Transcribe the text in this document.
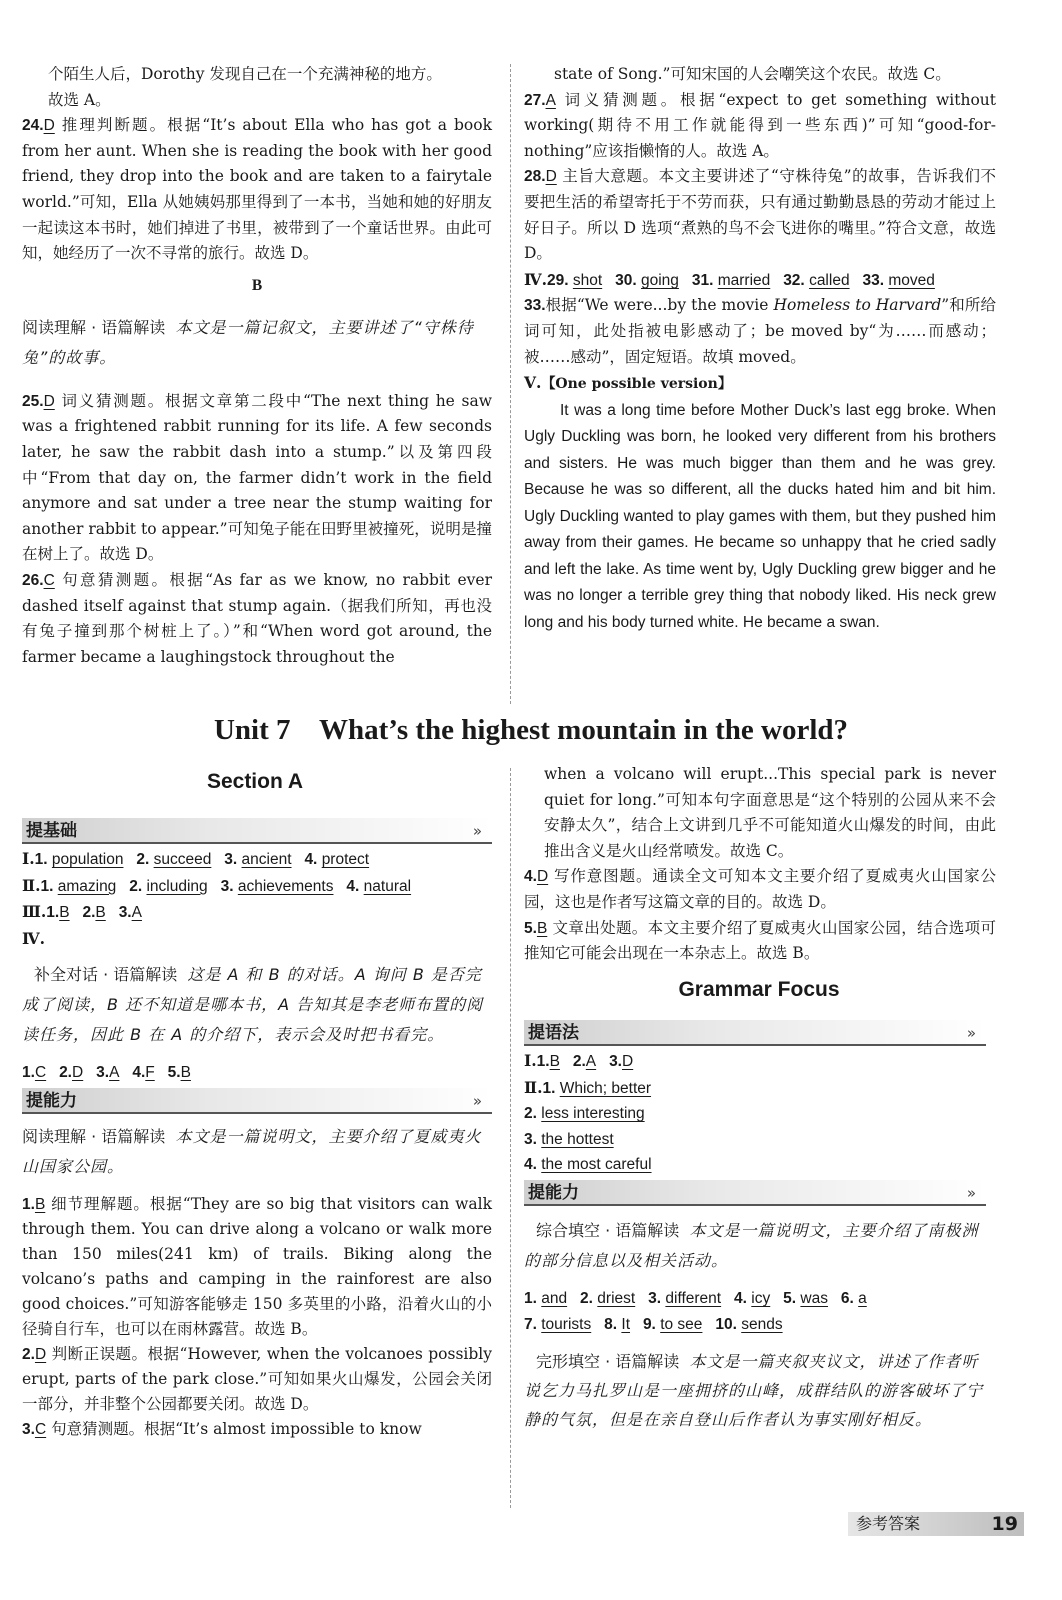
个陌生人后，Dorothy 发现自己在一个充满神秘的地方。
故选 A。
24.D 推理判断题。根据“It’s about Ella who has got a book from her aunt. When she is reading the book with her good friend, they drop into the book and are taken to a fairytale world.”可知，Ella 从她姨妈那里得到了一本书，当她和她的好朋友一起读这本书时，她们掉进了书里，被带到了一个童话世界。由此可知，她经历了一次不寻常的旅行。故选 D。
B
阅读理解 · 语篇解读 本文是一篇记叙文，主要讲述了“守株待兔”的故事。
25.D 词义猜测题。根据文章第二段中“The next thing he saw was a frightened rabbit running for its life. A few seconds later, he saw the rabbit dash into a stump.”以及第四段中“From that day on, the farmer didn’t work in the field anymore and sat under a tree near the stump waiting for another rabbit to appear.”可知兔子能在田野里被撞死，说明是撞在树上了。故选 D。
26.C 句意猜测题。根据“As far as we know, no rabbit ever dashed itself against that stump again.（据我们所知，再也没有兔子撞到那个树桩上了。）”和“When word got around, the farmer became a laughingstock throughout the
state of Song.”可知宋国的人会嘲笑这个农民。故选 C。
27.A 词义猜测题。根据“expect to get something without working(期待不用工作就能得到一些东西)”可知“good-for-nothing”应该指懒惰的人。故选 A。
28.D 主旨大意题。本文主要讲述了“守株待兔”的故事，告诉我们不要把生活的希望寄托于不劳而获，只有通过勤勤恳恳的劳动才能过上好日子。所以 D 选项“煮熟的鸟不会飞进你的嘴里。”符合文意，故选 D。
Ⅳ.29. shot 30. going 31. married 32. called 33. moved
33.根据“We were...by the movie Homeless to Harvard”和所给词可知，此处指被电影感动了；be moved by“为……而感动；被……感动”，固定短语。故填 moved。
Ⅴ.【One possible version】
It was a long time before Mother Duck’s last egg broke. When Ugly Duckling was born, he looked very different from his brothers and sisters. He was much bigger than them and he was grey. Because he was so different, all the ducks hated him and bit him. Ugly Duckling wanted to play games with them, but they pushed him away from their games. He became so unhappy that he cried sadly and left the lake. As time went by, Ugly Duckling grew bigger and he was no longer a terrible grey thing that nobody liked. His neck grew long and his body turned white. He became a swan.
Unit 7    What’s the highest mountain in the world?
Section A
提基础	»
Ⅰ.1. population 2. succeed 3. ancient 4. protect
Ⅱ.1. amazing 2. including 3. achievements 4. natural
Ⅲ.1.B 2.B 3.A
Ⅳ.
补全对话 · 语篇解读 这是 A 和 B 的对话。A 询问 B 是否完成了阅读，B 还不知道是哪本书，A 告知其是李老师布置的阅读任务，因此 B 在 A 的介绍下，表示会及时把书看完。
1.C 2.D 3.A 4.F 5.B
提能力	»
阅读理解 · 语篇解读 本文是一篇说明文，主要介绍了夏威夷火山国家公园。
1.B 细节理解题。根据“They are so big that visitors can walk through them. You can drive along a volcano or walk more than 150 miles(241 km) of trails. Biking along the volcano’s paths and camping in the rainforest are also good choices.”可知游客能够走 150 多英里的小路，沿着火山的小径骑自行车，也可以在雨林露营。故选 B。
2.D 判断正误题。根据“However, when the volcanoes possibly erupt, parts of the park close.”可知如果火山爆发，公园会关闭一部分，并非整个公园都要关闭。故选 D。
3.C 句意猜测题。根据“It’s almost impossible to know
when a volcano will erupt...This special park is never quiet for long.”可知本句字面意思是“这个特别的公园从来不会安静太久”，结合上文讲到几乎不可能知道火山爆发的时间，由此推出含义是火山经常喷发。故选 C。
4.D 写作意图题。通读全文可知本文主要介绍了夏威夷火山国家公园，这也是作者写这篇文章的目的。故选 D。
5.B 文章出处题。本文主要介绍了夏威夷火山国家公园，结合选项可推知它可能会出现在一本杂志上。故选 B。
Grammar Focus
提语法	»
Ⅰ.1.B 2.A 3.D
Ⅱ.1. Which; better
2. less interesting
3. the hottest
4. the most careful
提能力	»
综合填空 · 语篇解读 本文是一篇说明文，主要介绍了南极洲的部分信息以及相关活动。
1. and 2. driest 3. different 4. icy 5. was 6. a
7. tourists 8. It 9. to see 10. sends
完形填空 · 语篇解读 本文是一篇夹叙夹议文，讲述了作者听说乞力马扎罗山是一座拥挤的山峰，成群结队的游客破坏了宁静的气氛，但是在亲自登山后作者认为事实刚好相反。
参考答案	19
